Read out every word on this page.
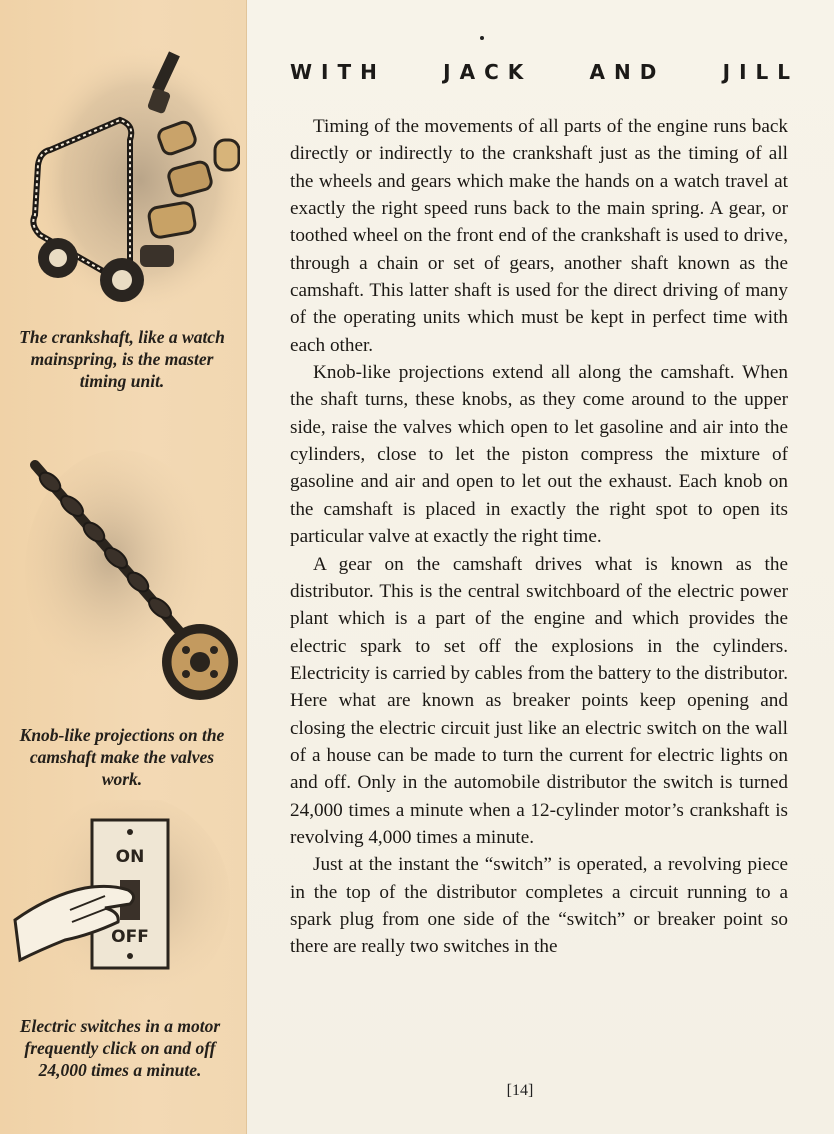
WITH	JACK	AND	JILL

Timing of the movements of all parts of the engine runs back directly or indirectly to the crankshaft just as the timing of all the wheels and gears which make the hands on a watch travel at exactly the right speed runs back to the main spring. A gear, or toothed wheel on the front end of the crankshaft is used to drive, through a chain or set of gears, another shaft known as the camshaft. This latter shaft is used for the direct driving of many of the operating units which must be kept in perfect time with each other.

Knob-like projections extend all along the camshaft. When the shaft turns, these knobs, as they come around to the upper side, raise the valves which open to let gasoline and air into the cylinders, close to let the piston compress the mixture of gasoline and air and open to let out the exhaust. Each knob on the camshaft is placed in exactly the right spot to open its particular valve at exactly the right time.

A gear on the camshaft drives what is known as the distributor. This is the central switchboard of the electric power plant which is a part of the engine and which provides the electric spark to set off the explosions in the cylinders. Electricity is carried by cables from the battery to the distributor. Here what are known as breaker points keep opening and closing the electric circuit just like an electric switch on the wall of a house can be made to turn the current for electric lights on and off. Only in the automobile distributor the switch is turned 24,000 times a minute when a 12-cylinder motor’s crankshaft is revolving 4,000 times a minute.

Just at the instant the “switch” is operated, a revolving piece in the top of the distributor completes a circuit running to a spark plug from one side of the “switch” or breaker point so there are really two switches in the

The crankshaft, like a watch mainspring, is the master timing unit.
Knob-like projections on the camshaft make the valves work.
ON
OFF
Electric switches in a motor frequently click on and off 24,000 times a minute.
[14]
